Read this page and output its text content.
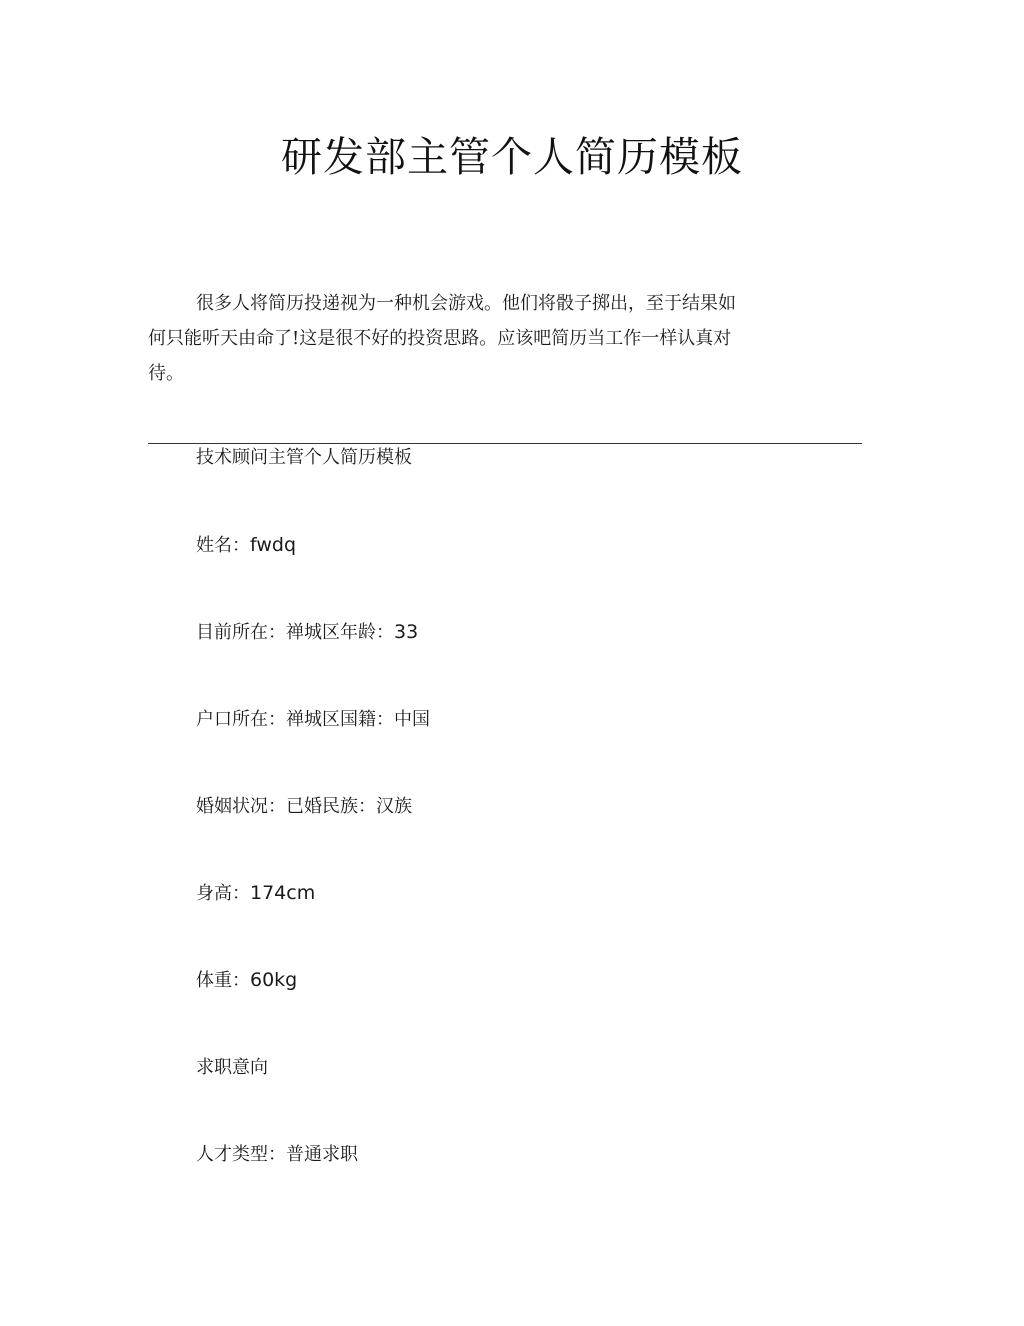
研发部主管个人简历模板
很多人将简历投递视为一种机会游戏。他们将骰子掷出，至于结果如何只能听天由命了!这是很不好的投资思路。应该吧简历当工作一样认真对待。
技术顾问主管个人简历模板
姓名：fwdq
目前所在：禅城区年龄：33
户口所在：禅城区国籍：中国
婚姻状况：已婚民族：汉族
身高：174cm
体重：60kg
求职意向
人才类型：普通求职
